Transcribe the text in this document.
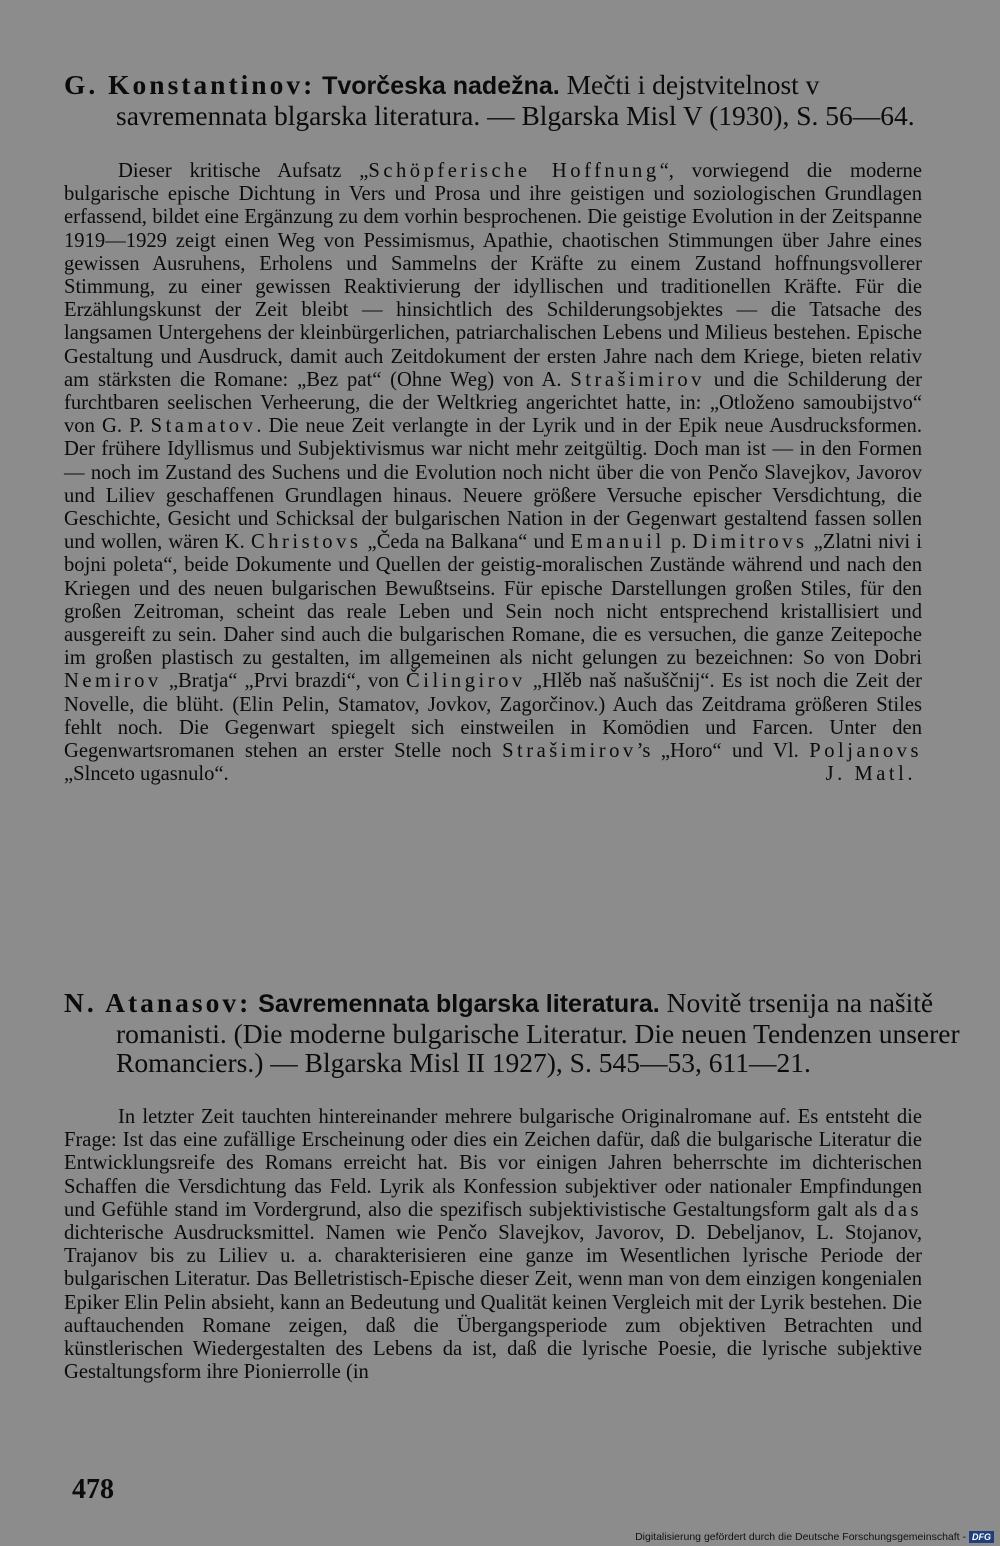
G. Konstantinov: Tvorčeska nadežna. Mečti i dejstvitelnost v savremennata blgarska literatura. — Blgarska Misl V (1930), S. 56—64.
Dieser kritische Aufsatz „Schöpferische Hoffnung“, vorwiegend die moderne bulgarische epische Dichtung in Vers und Prosa und ihre geistigen und soziologischen Grundlagen erfassend, bildet eine Ergänzung zu dem vorhin besprochenen. Die geistige Evolution in der Zeitspanne 1919—1929 zeigt einen Weg von Pessimismus, Apathie, chaotischen Stimmungen über Jahre eines gewissen Ausruhens, Erholens und Sammelns der Kräfte zu einem Zustand hoffnungsvollerer Stimmung, zu einer gewissen Reaktivierung der idyllischen und traditionellen Kräfte. Für die Erzählungskunst der Zeit bleibt — hinsichtlich des Schilderungsobjektes — die Tatsache des langsamen Untergehens der kleinbürgerlichen, patriarchalischen Lebens und Milieus bestehen. Epische Gestaltung und Ausdruck, damit auch Zeitdokument der ersten Jahre nach dem Kriege, bieten relativ am stärksten die Romane: „Bez pat“ (Ohne Weg) von A. Strašimirov und die Schilderung der furchtbaren seelischen Verheerung, die der Weltkrieg angerichtet hatte, in: „Otloženo samoubijstvo“ von G. P. Stamatov. Die neue Zeit verlangte in der Lyrik und in der Epik neue Ausdrucksformen. Der frühere Idyllismus und Subjektivismus war nicht mehr zeitgültig. Doch man ist — in den Formen — noch im Zustand des Suchens und die Evolution noch nicht über die von Penčo Slavejkov, Javorov und Liliev geschaffenen Grundlagen hinaus. Neuere größere Versuche epischer Versdichtung, die Geschichte, Gesicht und Schicksal der bulgarischen Nation in der Gegenwart gestaltend fassen sollen und wollen, wären K. Christovs „Čeda na Balkana“ und Emanuil p. Dimitrovs „Zlatni nivi i bojni poleta“, beide Dokumente und Quellen der geistig-moralischen Zustände während und nach den Kriegen und des neuen bulgarischen Bewußtseins. Für epische Darstellungen großen Stiles, für den großen Zeitroman, scheint das reale Leben und Sein noch nicht entsprechend kristallisiert und ausgereift zu sein. Daher sind auch die bulgarischen Romane, die es versuchen, die ganze Zeitepoche im großen plastisch zu gestalten, im allgemeinen als nicht gelungen zu bezeichnen: So von Dobri Nemirov „Bratja“ „Prvi brazdi“, von Čilingirov „Hlěb naš našuščnij“. Es ist noch die Zeit der Novelle, die blüht. (Elin Pelin, Stamatov, Jovkov, Zagorčinov.) Auch das Zeitdrama größeren Stiles fehlt noch. Die Gegenwart spiegelt sich einstweilen in Komödien und Farcen. Unter den Gegenwartsromanen stehen an erster Stelle noch Strašimirov’s „Horo“ und Vl. Poljanovs „Slnceto ugasnulo“.	J. Matl.
N. Atanasov: Savremennata blgarska literatura. Novitě trsenija na našitě romanisti. (Die moderne bulgarische Literatur. Die neuen Tendenzen unserer Romanciers.) — Blgarska Misl II 1927), S. 545—53, 611—21.
In letzter Zeit tauchten hintereinander mehrere bulgarische Originalromane auf. Es entsteht die Frage: Ist das eine zufällige Erscheinung oder dies ein Zeichen dafür, daß die bulgarische Literatur die Entwicklungsreife des Romans erreicht hat. Bis vor einigen Jahren beherrschte im dichterischen Schaffen die Versdichtung das Feld. Lyrik als Konfession subjektiver oder nationaler Empfindungen und Gefühle stand im Vordergrund, also die spezifisch subjektivistische Gestaltungsform galt als das dichterische Ausdrucksmittel. Namen wie Penčo Slavejkov, Javorov, D. Debeljanov, L. Stojanov, Trajanov bis zu Liliev u. a. charakterisieren eine ganze im Wesentlichen lyrische Periode der bulgarischen Literatur. Das Belletristisch-Epische dieser Zeit, wenn man von dem einzigen kongenialen Epiker Elin Pelin absieht, kann an Bedeutung und Qualität keinen Vergleich mit der Lyrik bestehen. Die auftauchenden Romane zeigen, daß die Übergangsperiode zum objektiven Betrachten und künstlerischen Wiedergestalten des Lebens da ist, daß die lyrische Poesie, die lyrische subjektive Gestaltungsform ihre Pionierrolle (in
478
Digitalisierung gefördert durch die Deutsche Forschungsgemeinschaft - DFG
